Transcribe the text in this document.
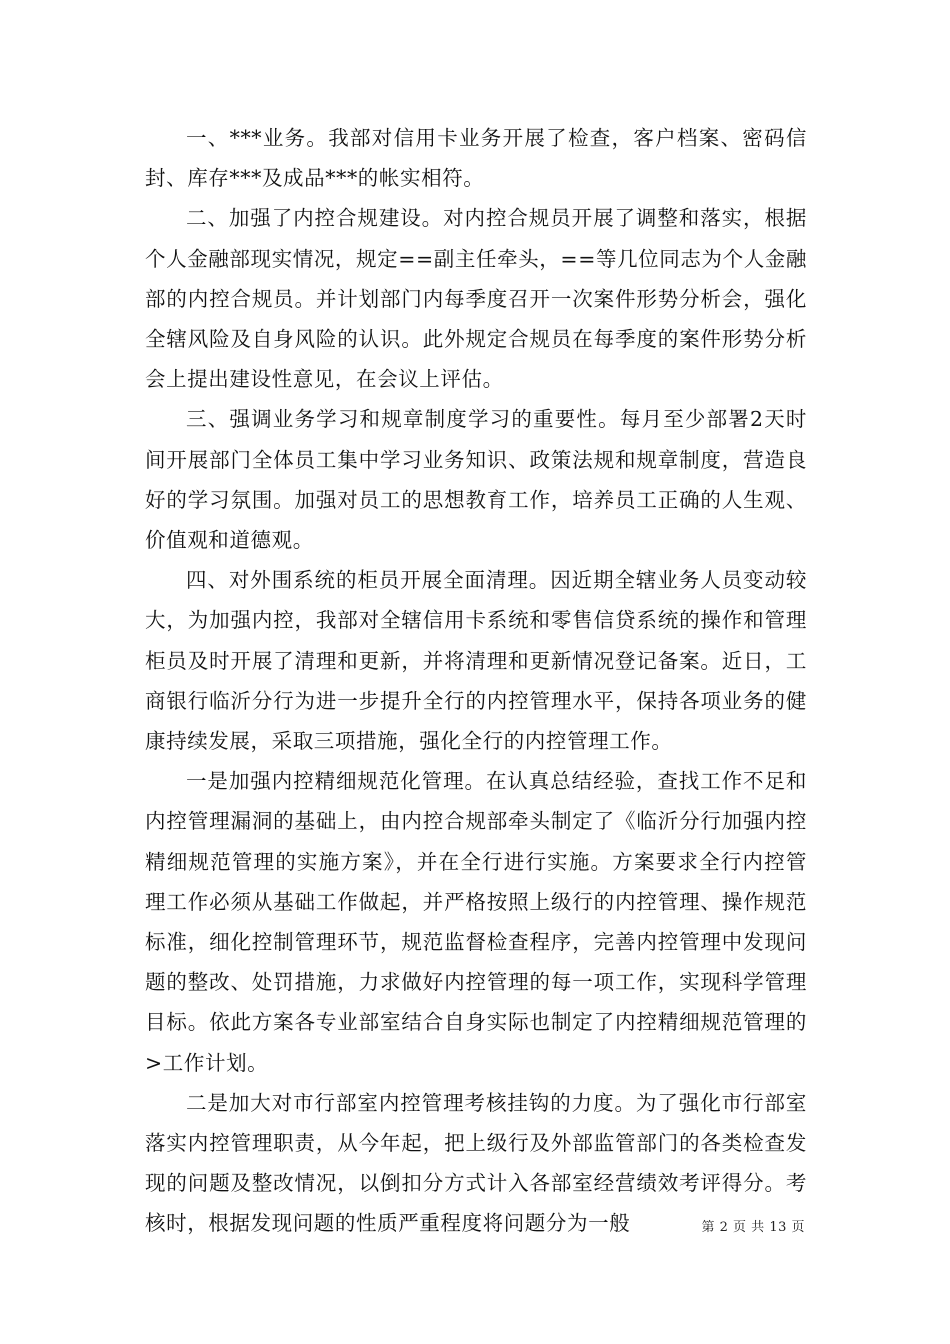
一、***业务。我部对信用卡业务开展了检查，客户档案、密码信封、库存***及成品***的帐实相符。

二、加强了内控合规建设。对内控合规员开展了调整和落实，根据个人金融部现实情况，规定==副主任牵头，==等几位同志为个人金融部的内控合规员。并计划部门内每季度召开一次案件形势分析会，强化全辖风险及自身风险的认识。此外规定合规员在每季度的案件形势分析会上提出建设性意见，在会议上评估。

三、强调业务学习和规章制度学习的重要性。每月至少部署2天时间开展部门全体员工集中学习业务知识、政策法规和规章制度，营造良好的学习氛围。加强对员工的思想教育工作，培养员工正确的人生观、价值观和道德观。

四、对外围系统的柜员开展全面清理。因近期全辖业务人员变动较大，为加强内控，我部对全辖信用卡系统和零售信贷系统的操作和管理柜员及时开展了清理和更新，并将清理和更新情况登记备案。近日，工商银行临沂分行为进一步提升全行的内控管理水平，保持各项业务的健康持续发展，采取三项措施，强化全行的内控管理工作。

一是加强内控精细规范化管理。在认真总结经验，查找工作不足和内控管理漏洞的基础上，由内控合规部牵头制定了《临沂分行加强内控精细规范管理的实施方案》，并在全行进行实施。方案要求全行内控管理工作必须从基础工作做起，并严格按照上级行的内控管理、操作规范标准，细化控制管理环节，规范监督检查程序，完善内控管理中发现问题的整改、处罚措施，力求做好内控管理的每一项工作，实现科学管理目标。依此方案各专业部室结合自身实际也制定了内控精细规范管理的>工作计划。

二是加大对市行部室内控管理考核挂钩的力度。为了强化市行部室落实内控管理职责，从今年起，把上级行及外部监管部门的各类检查发现的问题及整改情况，以倒扣分方式计入各部室经营绩效考评得分。考核时，根据发现问题的性质严重程度将问题分为一般	第 2 页 共 13 页
